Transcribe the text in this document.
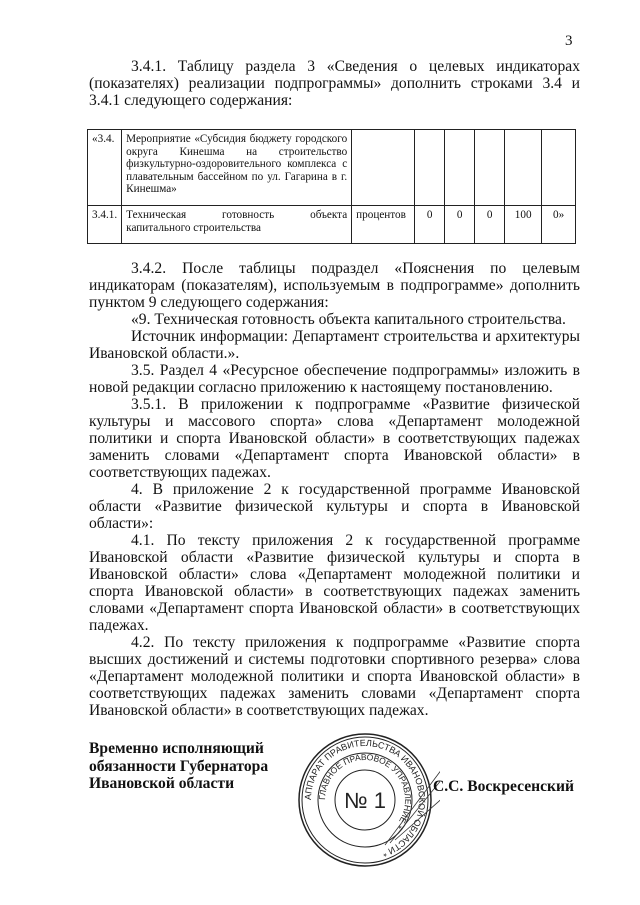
3

3.4.1. Таблицу раздела 3 «Сведения о целевых индикаторах (показателях) реализации подпрограммы» дополнить строками 3.4 и 3.4.1 следующего содержания:

«3.4.	Мероприятие «Субсидия бюджету городского округа Кинешма на строительство физкультурно-оздоровительного комплекса с плавательным бассейном по ул. Гагарина в г. Кинешма»						
3.4.1.	Техническая готовность объекта капитального строительства	процентов	0	0	0	100	0»

3.4.2. После таблицы подраздел «Пояснения по целевым индикаторам (показателям), используемым в подпрограмме» дополнить пунктом 9 следующего содержания:

«9. Техническая готовность объекта капитального строительства.

Источник информации: Департамент строительства и архитектуры Ивановской области.».

3.5. Раздел 4 «Ресурсное обеспечение подпрограммы» изложить в новой редакции согласно приложению к настоящему постановлению.

3.5.1. В приложении к подпрограмме «Развитие физической культуры и массового спорта» слова «Департамент молодежной политики и спорта Ивановской области» в соответствующих падежах заменить словами «Департамент спорта Ивановской области» в соответствующих падежах.

4. В приложение 2 к государственной программе Ивановской области «Развитие физической культуры и спорта в Ивановской области»:

4.1. По тексту приложения 2 к государственной программе Ивановской области «Развитие физической культуры и спорта в Ивановской области» слова «Департамент молодежной политики и спорта Ивановской области» в соответствующих падежах заменить словами «Департамент спорта Ивановской области» в соответствующих падежах.

4.2. По тексту приложения к подпрограмме «Развитие спорта высших достижений и системы подготовки спортивного резерва» слова «Департамент молодежной политики и спорта Ивановской области» в соответствующих падежах заменить словами «Департамент спорта Ивановской области» в соответствующих падежах.

Временно исполняющий
обязанности Губернатора
Ивановской области
АППАРАТ ПРАВИТЕЛЬСТВА ИВАНОВСКОЙ ОБЛАСТИ *
ГЛАВНОЕ ПРАВОВОЕ УПРАВЛЕНИЕ *
№ 1
С.С. Воскресенский
